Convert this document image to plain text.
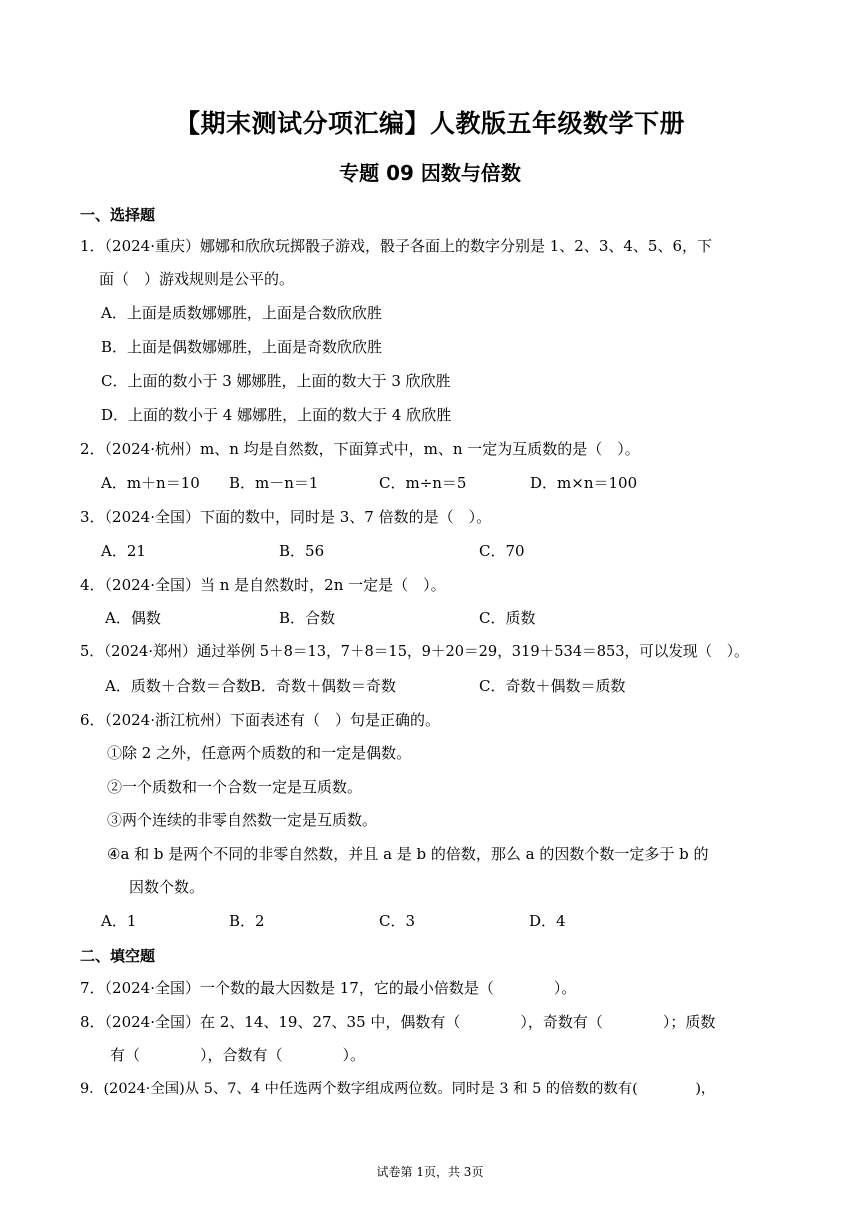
【期末测试分项汇编】人教版五年级数学下册
专题 09 因数与倍数
一、选择题
1．（2024·重庆）娜娜和欣欣玩掷骰子游戏，骰子各面上的数字分别是 1、2、3、4、5、6，下
面（　）游戏规则是公平的。
A．上面是质数娜娜胜，上面是合数欣欣胜
B．上面是偶数娜娜胜，上面是奇数欣欣胜
C．上面的数小于 3 娜娜胜，上面的数大于 3 欣欣胜
D．上面的数小于 4 娜娜胜，上面的数大于 4 欣欣胜
2．（2024·杭州）m、n 均是自然数，下面算式中，m、n 一定为互质数的是（　）。
A．m＋n＝10 B．m－n＝1	C．m÷n＝5	D．m×n＝100
3．（2024·全国）下面的数中，同时是 3、7 倍数的是（　）。
A．21	B．56	C．70
4．（2024·全国）当 n 是自然数时，2n 一定是（　）。
A．偶数	B．合数	C．质数
5．（2024·郑州）通过举例 5＋8＝13，7＋8＝15，9＋20＝29，319＋534＝853，可以发现（　）。
A．质数＋合数＝合数 B．奇数＋偶数＝奇数	C．奇数＋偶数＝质数
6．（2024·浙江杭州）下面表述有（　）句是正确的。
①除 2 之外，任意两个质数的和一定是偶数。
②一个质数和一个合数一定是互质数。
③两个连续的非零自然数一定是互质数。
④a 和 b 是两个不同的非零自然数，并且 a 是 b 的倍数，那么 a 的因数个数一定多于 b 的
因数个数。
A．1	B．2	C．3	D．4
二、填空题
7．（2024·全国）一个数的最大因数是 17，它的最小倍数是（　　　　）。
8．（2024·全国）在 2、14、19、27、35 中，偶数有（　　　　），奇数有（　　　　）；质数
有（　　　　），合数有（　　　　）。
9．(2024·全国)从 5、7、4 中任选两个数字组成两位数。同时是 3 和 5 的倍数的数有(　　　　)，
试卷第 1页，共 3页
